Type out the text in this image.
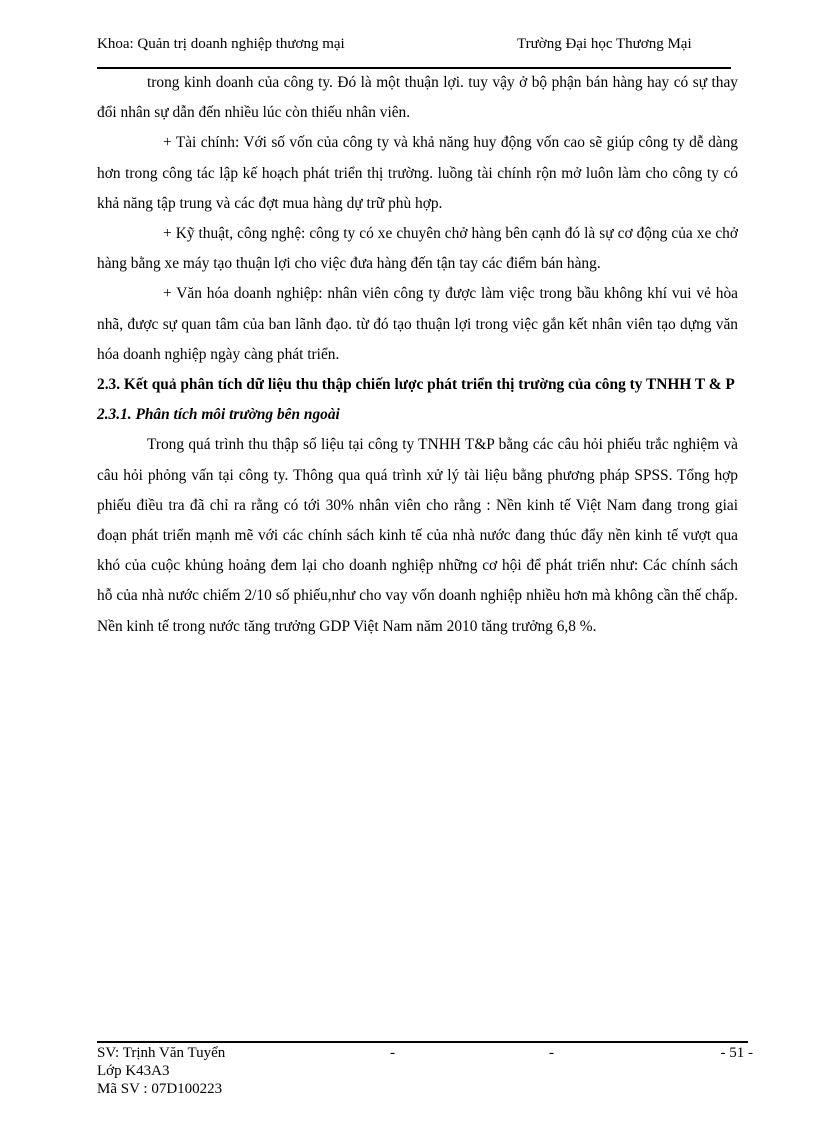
Khoa: Quản trị doanh nghiệp thương mại	Trường Đại học Thương Mại

trong kinh doanh của công ty. Đó là một thuận lợi. tuy vậy ở bộ phận bán hàng hay có sự thay đổi nhân sự dẫn đến nhiều lúc còn thiếu nhân viên.

+ Tài chính: Với số vốn của công ty và khả năng huy động vốn cao sẽ giúp công ty dễ dàng hơn trong công tác lập kế hoạch phát triển thị trường. luồng tài chính rộn mở luôn làm cho công ty có khả năng tập trung và các đợt mua hàng dự trữ phù hợp.

+ Kỹ thuật, công nghệ: công ty có xe chuyên chở hàng bên cạnh đó là sự cơ động của xe chở hàng bằng xe máy tạo thuận lợi cho việc đưa hàng đến tận tay các điểm bán hàng.

+ Văn hóa doanh nghiệp: nhân viên công ty được làm việc trong bầu không khí vui vẻ hòa nhã, được sự quan tâm của ban lãnh đạo. từ đó tạo thuận lợi trong việc gắn kết nhân viên tạo dựng văn hóa doanh nghiệp ngày càng phát triển.

2.3. Kết quả phân tích dữ liệu thu thập chiến lược phát triển thị trường của công ty TNHH T & P

2.3.1. Phân tích môi trường bên ngoài

Trong quá trình thu thập số liệu tại công ty TNHH T&P bằng các câu hỏi phiếu trắc nghiệm và câu hỏi phỏng vấn tại công ty. Thông qua quá trình xử lý tài liệu bằng phương pháp SPSS. Tổng hợp phiếu điều tra đã chỉ ra rằng có tới 30% nhân viên cho rằng : Nền kinh tế Việt Nam đang trong giai đoạn phát triển mạnh mẽ với các chính sách kinh tế của nhà nước đang thúc đẩy nền kinh tế vượt qua khó của cuộc khủng hoảng đem lại cho doanh nghiệp những cơ hội để phát triển như: Các chính sách hỗ của nhà nước chiếm 2/10 số phiếu,như cho vay vốn doanh nghiệp nhiều hơn mà không cần thế chấp. Nền kinh tế trong nước tăng trưởng GDP Việt Nam năm 2010 tăng trưởng 6,8 %.

SV: Trịnh Văn Tuyển	-	-	- 51 -
Lớp K43A3
Mã SV : 07D100223
